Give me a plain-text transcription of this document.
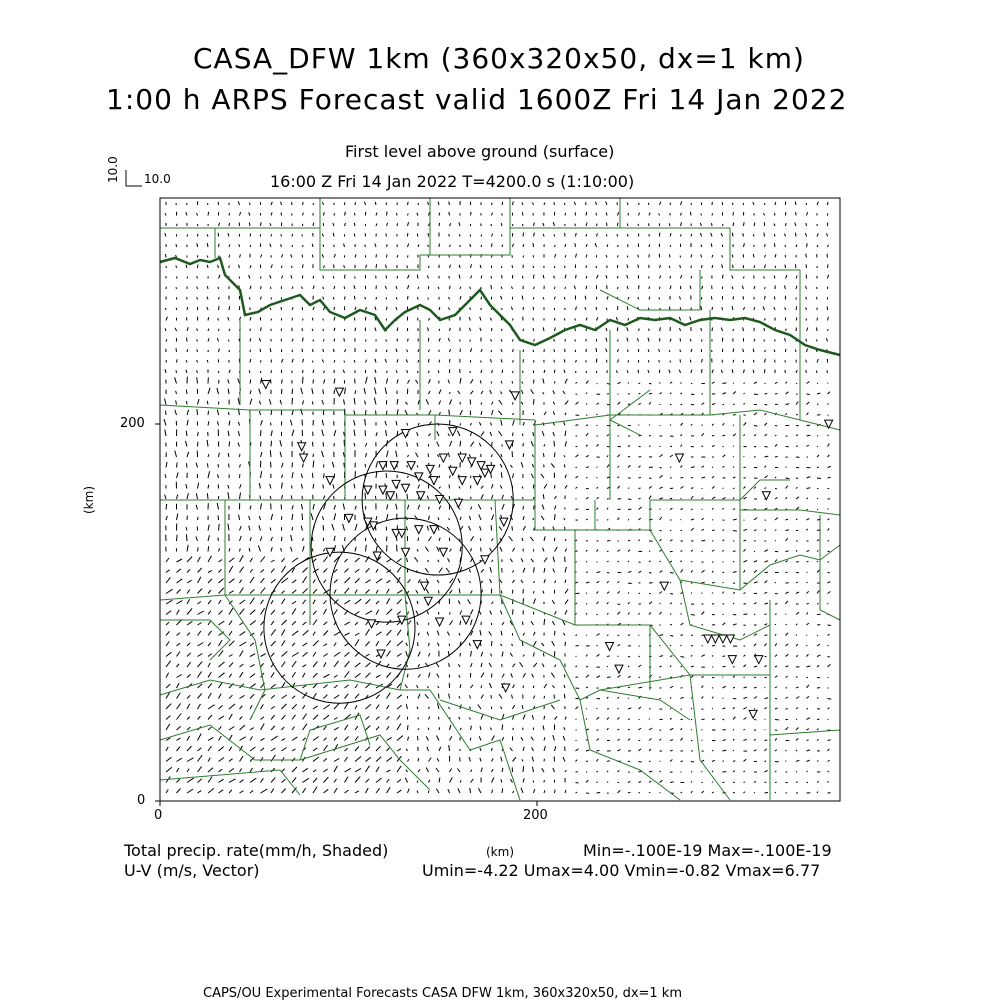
CASA_DFW 1km (360x320x50, dx=1 km)
1:00 h ARPS Forecast valid 1600Z Fri 14 Jan 2022
First level above ground (surface)
16:00 Z Fri 14 Jan 2022 T=4200.0 s (1:10:00)
10.0 10.0
200
0
0	200
(km)
(km)
Total precip. rate(mm/h, Shaded)	Min=-.100E-19 Max=-.100E-19
U-V (m/s, Vector)	Umin=-4.22 Umax=4.00 Vmin=-0.82 Vmax=6.77
CAPS/OU Experimental Forecasts CASA DFW 1km, 360x320x50, dx=1 km
